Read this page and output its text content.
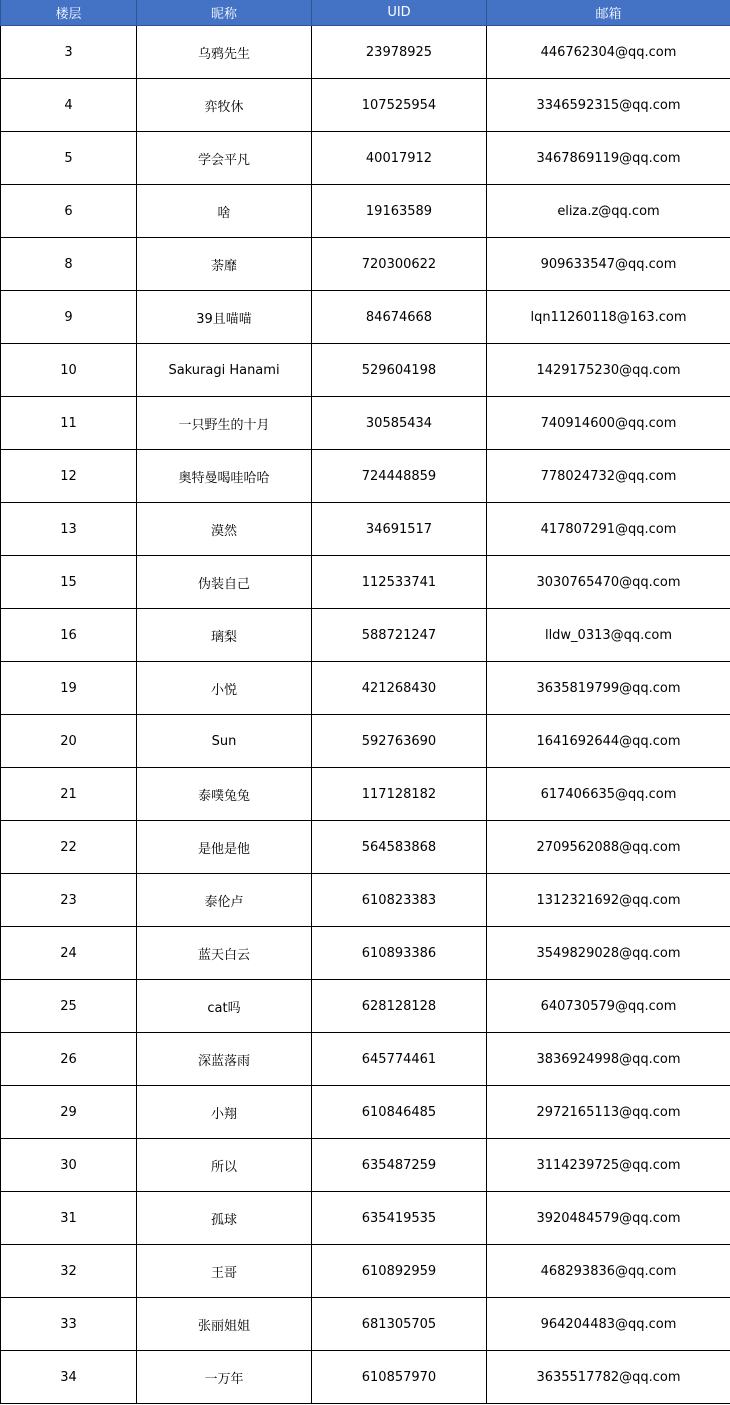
楼层	昵称	UID	邮箱
3	乌鸦先生	23978925	446762304@qq.com
4	弈牧休	107525954	3346592315@qq.com
5	学会平凡	40017912	3467869119@qq.com
6	啥	19163589	eliza.z@qq.com
8	荼靡	720300622	909633547@qq.com
9	39且喵喵	84674668	lqn11260118@163.com
10	Sakuragi Hanami	529604198	1429175230@qq.com
11	一只野生的十月	30585434	740914600@qq.com
12	奥特曼喝哇哈哈	724448859	778024732@qq.com
13	漠然	34691517	417807291@qq.com
15	伪装自己	112533741	3030765470@qq.com
16	璃梨	588721247	lldw_0313@qq.com
19	小悦	421268430	3635819799@qq.com
20	Sun	592763690	1641692644@qq.com
21	泰噗兔兔	117128182	617406635@qq.com
22	是他是他	564583868	2709562088@qq.com
23	泰伦卢	610823383	1312321692@qq.com
24	蓝天白云	610893386	3549829028@qq.com
25	cat吗	628128128	640730579@qq.com
26	深蓝落雨	645774461	3836924998@qq.com
29	小翔	610846485	2972165113@qq.com
30	所以	635487259	3114239725@qq.com
31	孤球	635419535	3920484579@qq.com
32	王哥	610892959	468293836@qq.com
33	张丽姐姐	681305705	964204483@qq.com
34	一万年	610857970	3635517782@qq.com
